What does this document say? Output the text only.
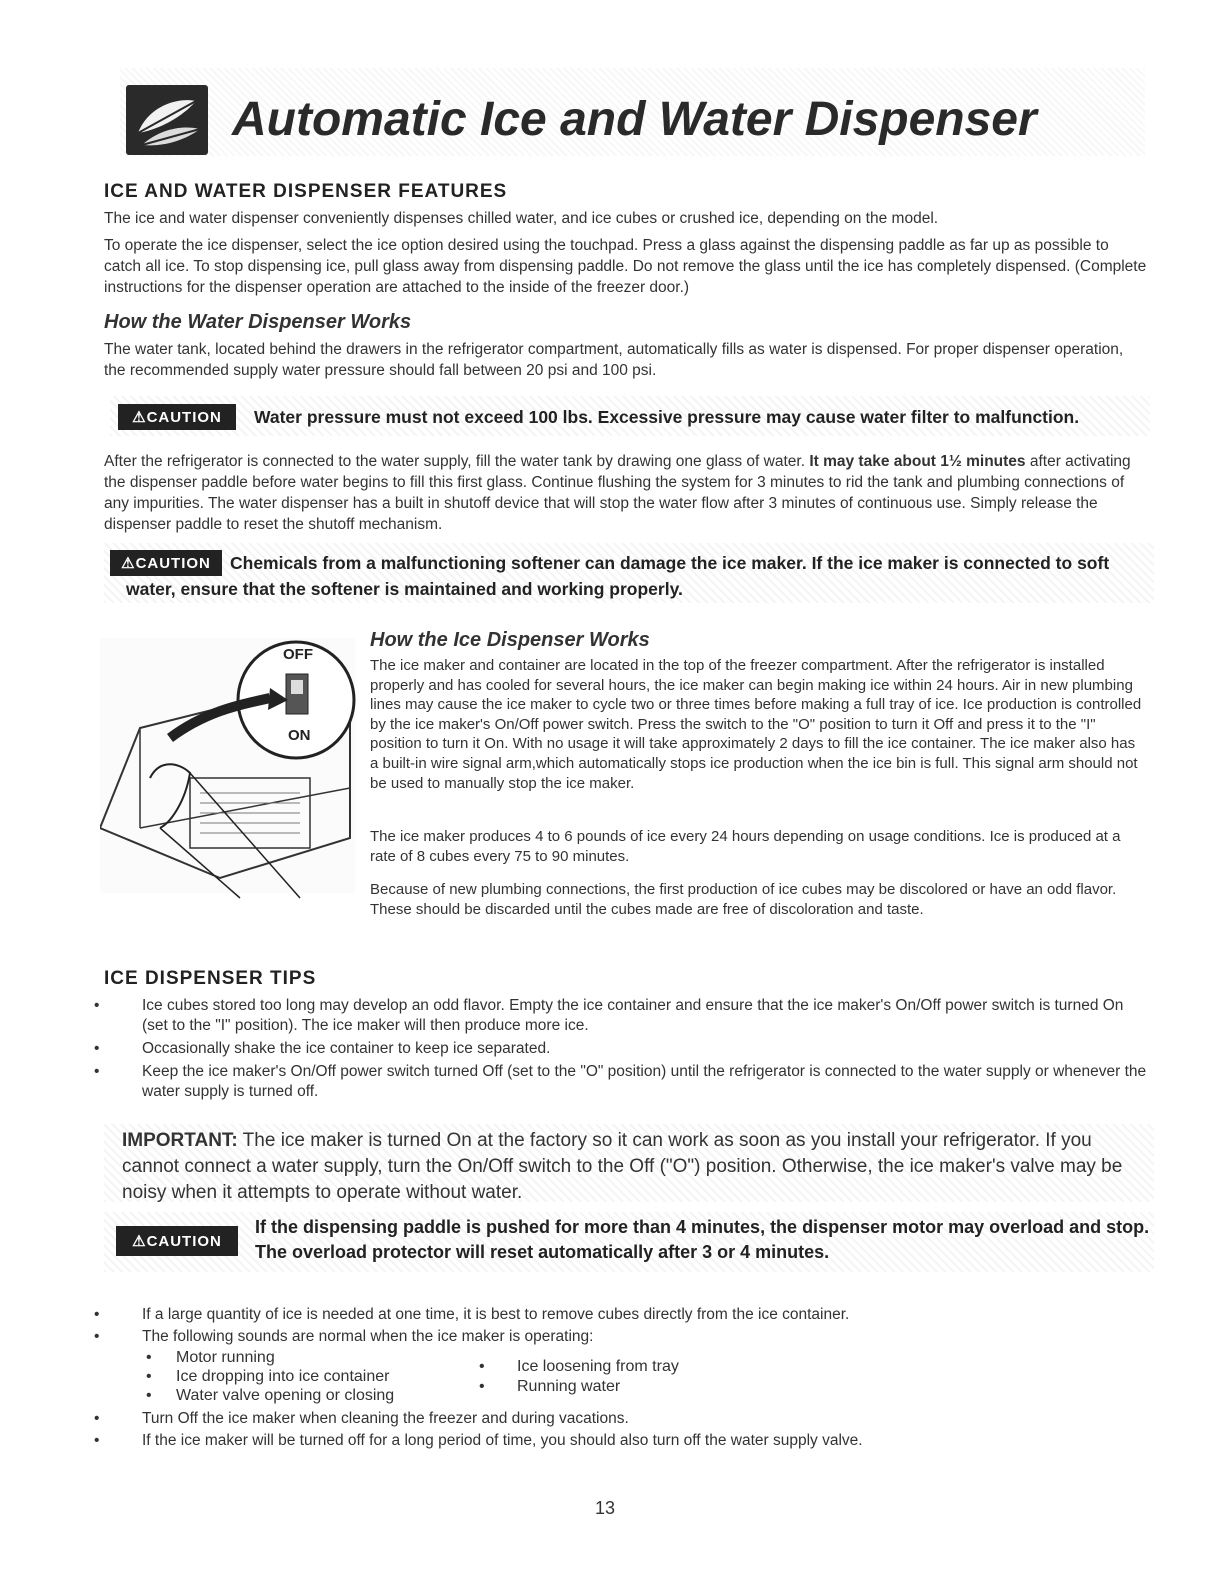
Automatic Ice and Water Dispenser
ICE AND WATER DISPENSER FEATURES
The ice and water dispenser conveniently dispenses chilled water, and ice cubes or crushed ice, depending on the model.
To operate the ice dispenser, select the ice option desired using the touchpad. Press a glass against the dispensing paddle as far up as possible to catch all ice. To stop dispensing ice, pull glass away from dispensing paddle. Do not remove the glass until the ice has completely dispensed. (Complete instructions for the dispenser operation are attached to the inside of the freezer door.)
How the Water Dispenser Works
The water tank, located behind the drawers in the refrigerator compartment, automatically fills as water is dispensed. For proper dispenser operation, the recommended supply water pressure should fall between 20 psi and 100 psi.
⚠ CAUTION Water pressure must not exceed 100 lbs. Excessive pressure may cause water filter to malfunction.
After the refrigerator is connected to the water supply, fill the water tank by drawing one glass of water. It may take about 1½ minutes after activating the dispenser paddle before water begins to fill this first glass. Continue flushing the system for 3 minutes to rid the tank and plumbing connections of any impurities. The water dispenser has a built in shutoff device that will stop the water flow after 3 minutes of continuous use. Simply release the dispenser paddle to reset the shutoff mechanism.
⚠ CAUTION	Chemicals from a malfunctioning softener can damage the ice maker. If the ice maker is connected to soft water, ensure that the softener is maintained and working properly.
OFF
ON
How the Ice Dispenser Works
The ice maker and container are located in the top of the freezer compartment. After the refrigerator is installed properly and has cooled for several hours, the ice maker can begin making ice within 24 hours. Air in new plumbing lines may cause the ice maker to cycle two or three times before making a full tray of ice. Ice production is controlled by the ice maker's On/Off power switch. Press the switch to the "O" position to turn it Off and press it to the "I" position to turn it On. With no usage it will take approximately 2 days to fill the ice container. The ice maker also has a built-in wire signal arm,which automatically stops ice production when the ice bin is full. This signal arm should not be used to manually stop the ice maker.
The ice maker produces 4 to 6 pounds of ice every 24 hours depending on usage conditions. Ice is produced at a rate of 8 cubes every 75 to 90 minutes.
Because of new plumbing connections, the first production of ice cubes may be discolored or have an odd flavor. These should be discarded until the cubes made are free of discoloration and taste.
ICE DISPENSER TIPS
•	Ice cubes stored too long may develop an odd flavor. Empty the ice container and ensure that the ice maker's On/Off power switch is turned On (set to the "I" position). The ice maker will then produce more ice.
•	Occasionally shake the ice container to keep ice separated.
•	Keep the ice maker's On/Off power switch turned Off (set to the "O" position) until the refrigerator is connected to the water supply or whenever the water supply is turned off.
IMPORTANT: The ice maker is turned On at the factory so it can work as soon as you install your refrigerator. If you cannot connect a water supply, turn the On/Off switch to the Off ("O") position. Otherwise, the ice maker's valve may be noisy when it attempts to operate without water.
⚠ CAUTION
If the dispensing paddle is pushed for more than 4 minutes, the dispenser motor may overload and stop. The overload protector will reset automatically after 3 or 4 minutes.
•	If a large quantity of ice is needed at one time, it is best to remove cubes directly from the ice container.
•	The following sounds are normal when the ice maker is operating:
• Motor running
• Ice dropping into ice container
• Water valve opening or closing
• Ice loosening from tray
• Running water
•	Turn Off the ice maker when cleaning the freezer and during vacations.
•	If the ice maker will be turned off for a long period of time, you should also turn off the water supply valve.
13
